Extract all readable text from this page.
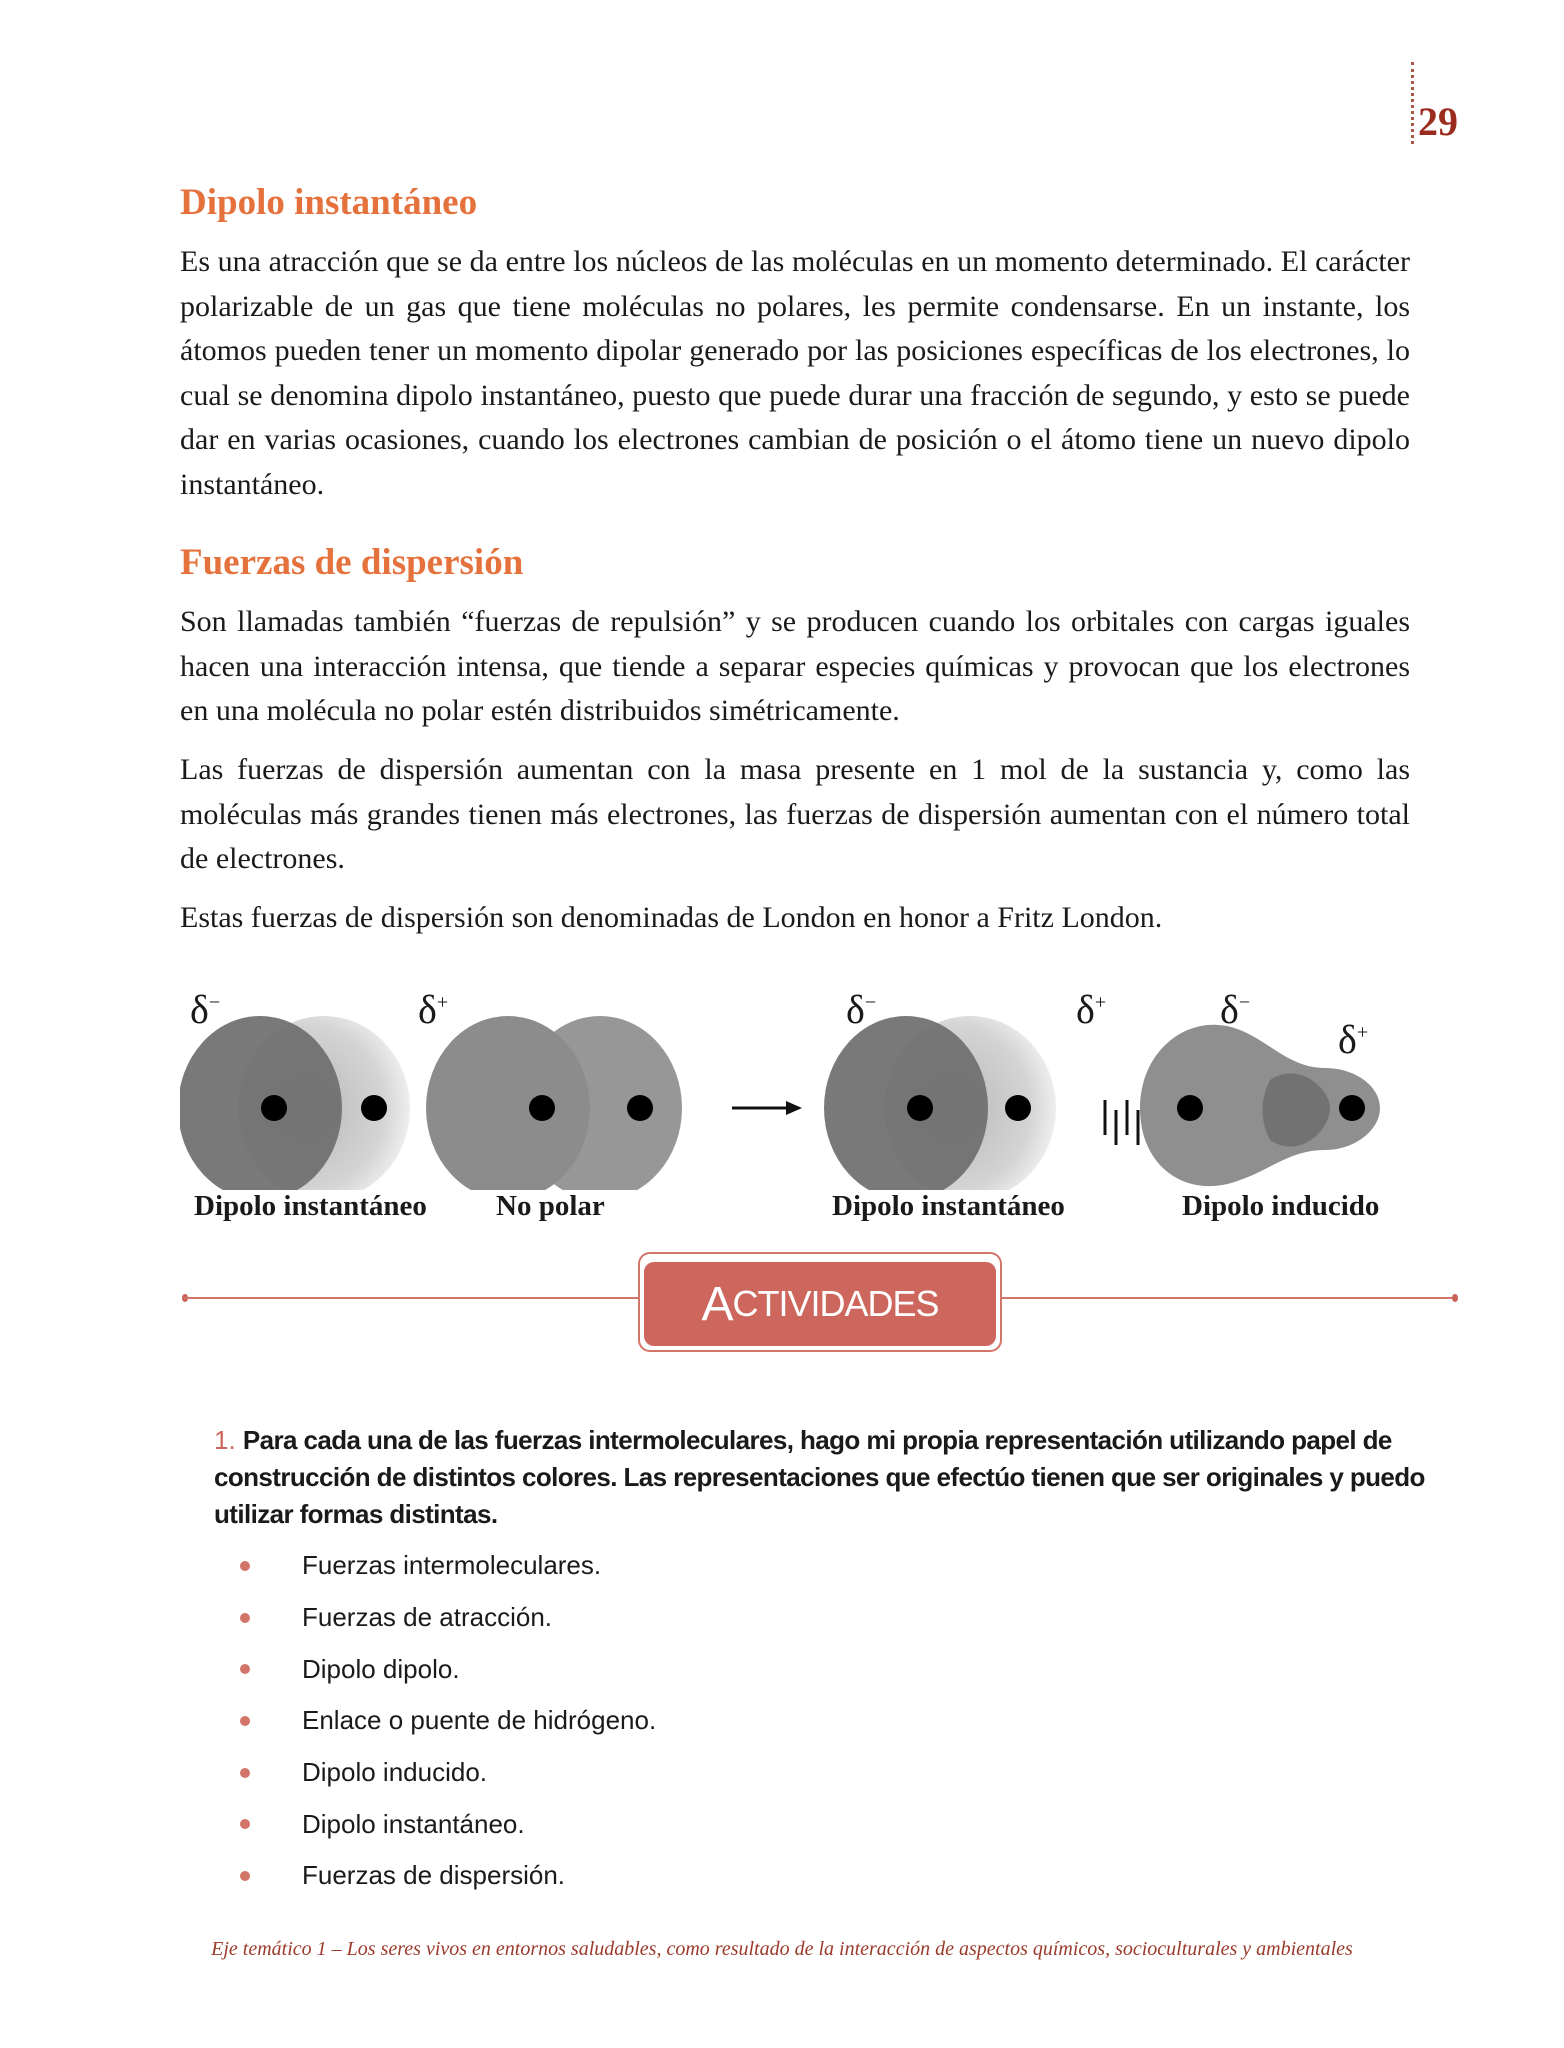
29
Dipolo instantáneo

Es una atracción que se da entre los núcleos de las moléculas en un momento determinado. El carácter polarizable de un gas que tiene moléculas no polares, les permite condensarse. En un instante, los átomos pueden tener un momento dipolar generado por las posiciones específicas de los electrones, lo cual se denomina dipolo instantáneo, puesto que puede durar una fracción de segundo, y esto se puede dar en varias ocasiones, cuando los electrones cambian de posición o el átomo tiene un nuevo dipolo instantáneo.

Fuerzas de dispersión

Son llamadas también “fuerzas de repulsión” y se producen cuando los orbitales con cargas iguales hacen una interacción intensa, que tiende a separar especies químicas y provocan que los electrones en una molécula no polar estén distribuidos simétricamente.

Las fuerzas de dispersión aumentan con la masa presente en 1 mol de la sustancia y, como las moléculas más grandes tienen más electrones, las fuerzas de dispersión aumentan con el número total de electrones.

Estas fuerzas de dispersión son denominadas de London en honor a Fritz London.

δ−	δ+	δ−	δ+	δ−
δ+
Dipolo instantáneo No polar	Dipolo instantáneo	Dipolo inducido
A CTIVIDADES
1. Para cada una de las fuerzas intermoleculares, hago mi propia representación utilizando papel de construcción de distintos colores. Las representaciones que efectúo tienen que ser originales y puedo utilizar formas distintas.
Fuerzas intermoleculares.
Fuerzas de atracción.
Dipolo dipolo.
Enlace o puente de hidrógeno.
Dipolo inducido.
Dipolo instantáneo.
Fuerzas de dispersión.
Eje temático 1 – Los seres vivos en entornos saludables, como resultado de la interacción de aspectos químicos, socioculturales y ambientales
